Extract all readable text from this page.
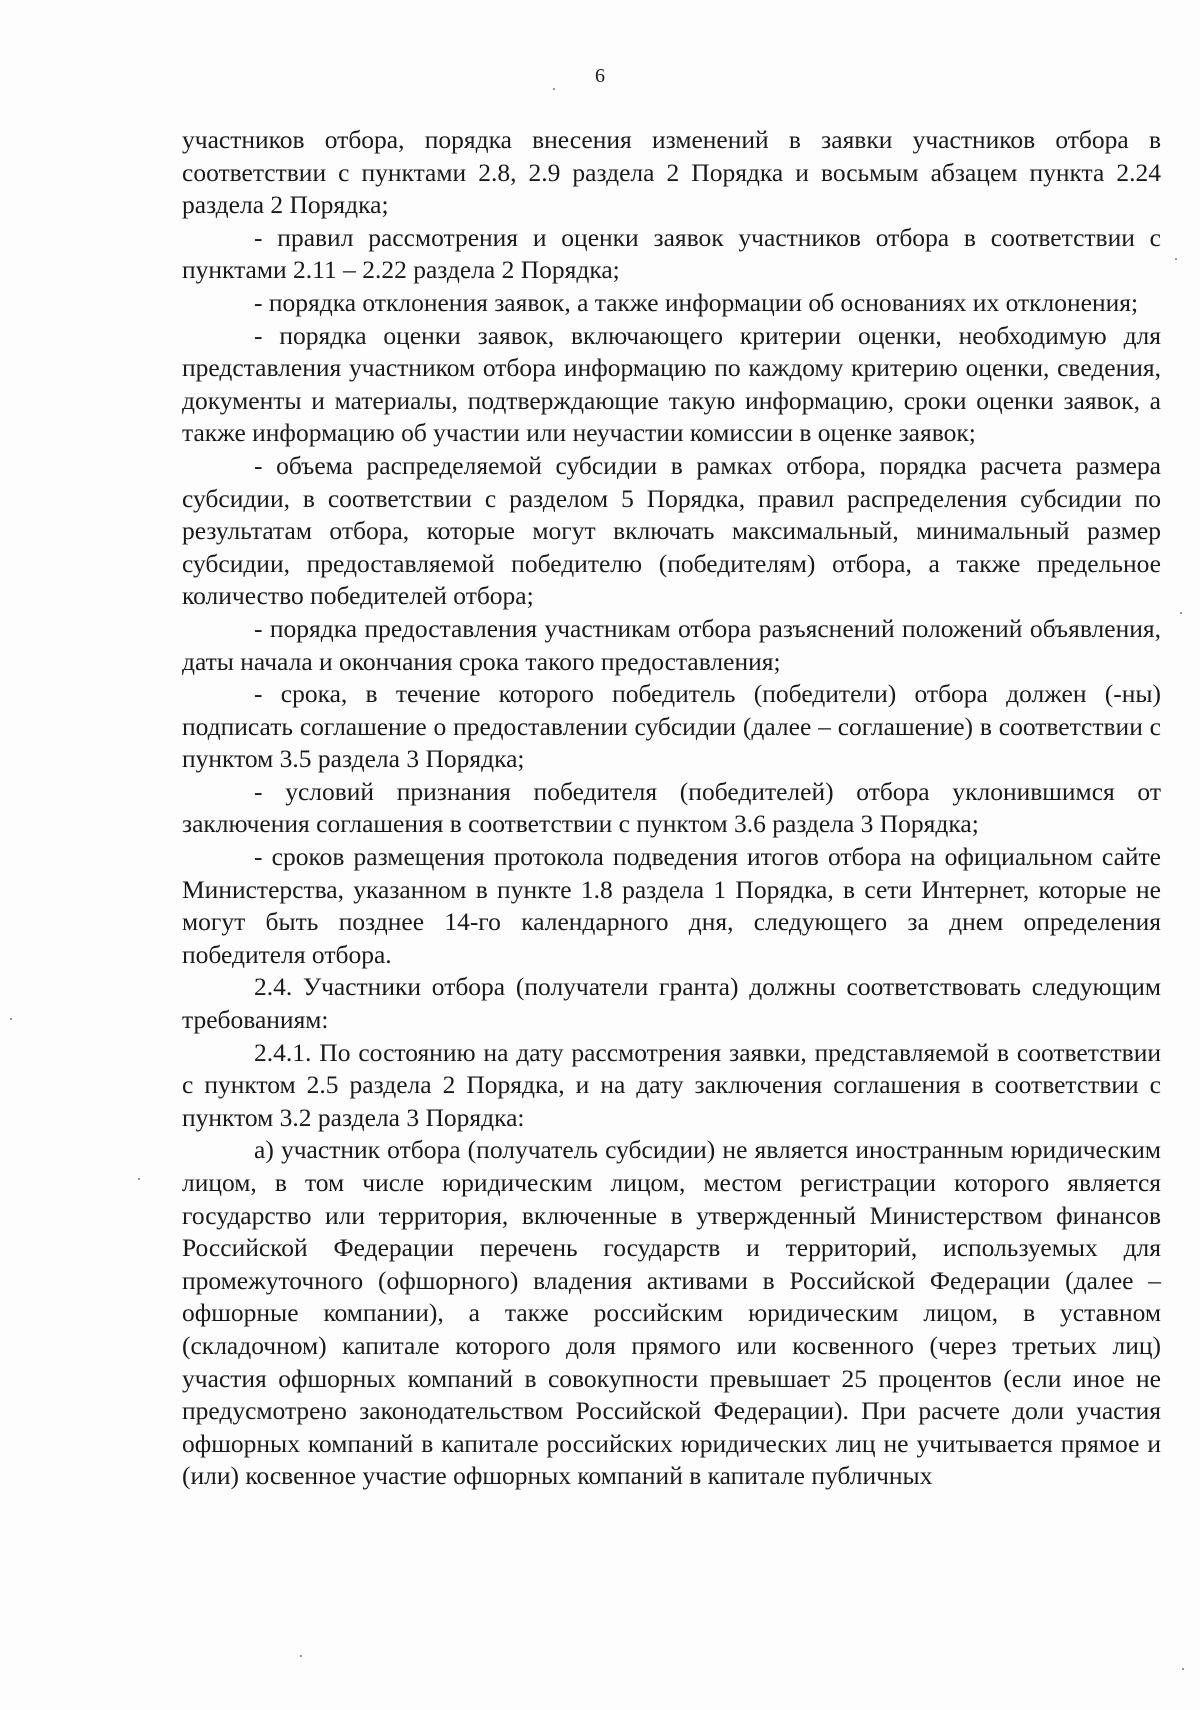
6

участников отбора, порядка внесения изменений в заявки участников отбора в соответствии с пунктами 2.8, 2.9 раздела 2 Порядка и восьмым абзацем пункта 2.24 раздела 2 Порядка;

- правил рассмотрения и оценки заявок участников отбора в соответствии с пунктами 2.11 – 2.22 раздела 2 Порядка;

- порядка отклонения заявок, а также информации об основаниях их отклонения;

- порядка оценки заявок, включающего критерии оценки, необходимую для представления участником отбора информацию по каждому критерию оценки, сведения, документы и материалы, подтверждающие такую информацию, сроки оценки заявок, а также информацию об участии или неучастии комиссии в оценке заявок;

- объема распределяемой субсидии в рамках отбора, порядка расчета размера субсидии, в соответствии с разделом 5 Порядка, правил распределения субсидии по результатам отбора, которые могут включать максимальный, минимальный размер субсидии, предоставляемой победителю (победителям) отбора, а также предельное количество победителей отбора;

- порядка предоставления участникам отбора разъяснений положений объявления, даты начала и окончания срока такого предоставления;

- срока, в течение которого победитель (победители) отбора должен (-ны) подписать соглашение о предоставлении субсидии (далее – соглашение) в соответствии с пунктом 3.5 раздела 3 Порядка;

- условий признания победителя (победителей) отбора уклонившимся от заключения соглашения в соответствии с пунктом 3.6 раздела 3 Порядка;

- сроков размещения протокола подведения итогов отбора на официальном сайте Министерства, указанном в пункте 1.8 раздела 1 Порядка, в сети Интернет, которые не могут быть позднее 14-го календарного дня, следующего за днем определения победителя отбора.

2.4. Участники отбора (получатели гранта) должны соответствовать следующим требованиям:

2.4.1. По состоянию на дату рассмотрения заявки, представляемой в соответствии с пунктом 2.5 раздела 2 Порядка, и на дату заключения соглашения в соответствии с пунктом 3.2 раздела 3 Порядка:

а) участник отбора (получатель субсидии) не является иностранным юридическим лицом, в том числе юридическим лицом, местом регистрации которого является государство или территория, включенные в утвержденный Министерством финансов Российской Федерации перечень государств и территорий, используемых для промежуточного (офшорного) владения активами в Российской Федерации (далее – офшорные компании), а также российским юридическим лицом, в уставном (складочном) капитале которого доля прямого или косвенного (через третьих лиц) участия офшорных компаний в совокупности превышает 25 процентов (если иное не предусмотрено законодательством Российской Федерации). При расчете доли участия офшорных компаний в капитале российских юридических лиц не учитывается прямое и (или) косвенное участие офшорных компаний в капитале публичных
